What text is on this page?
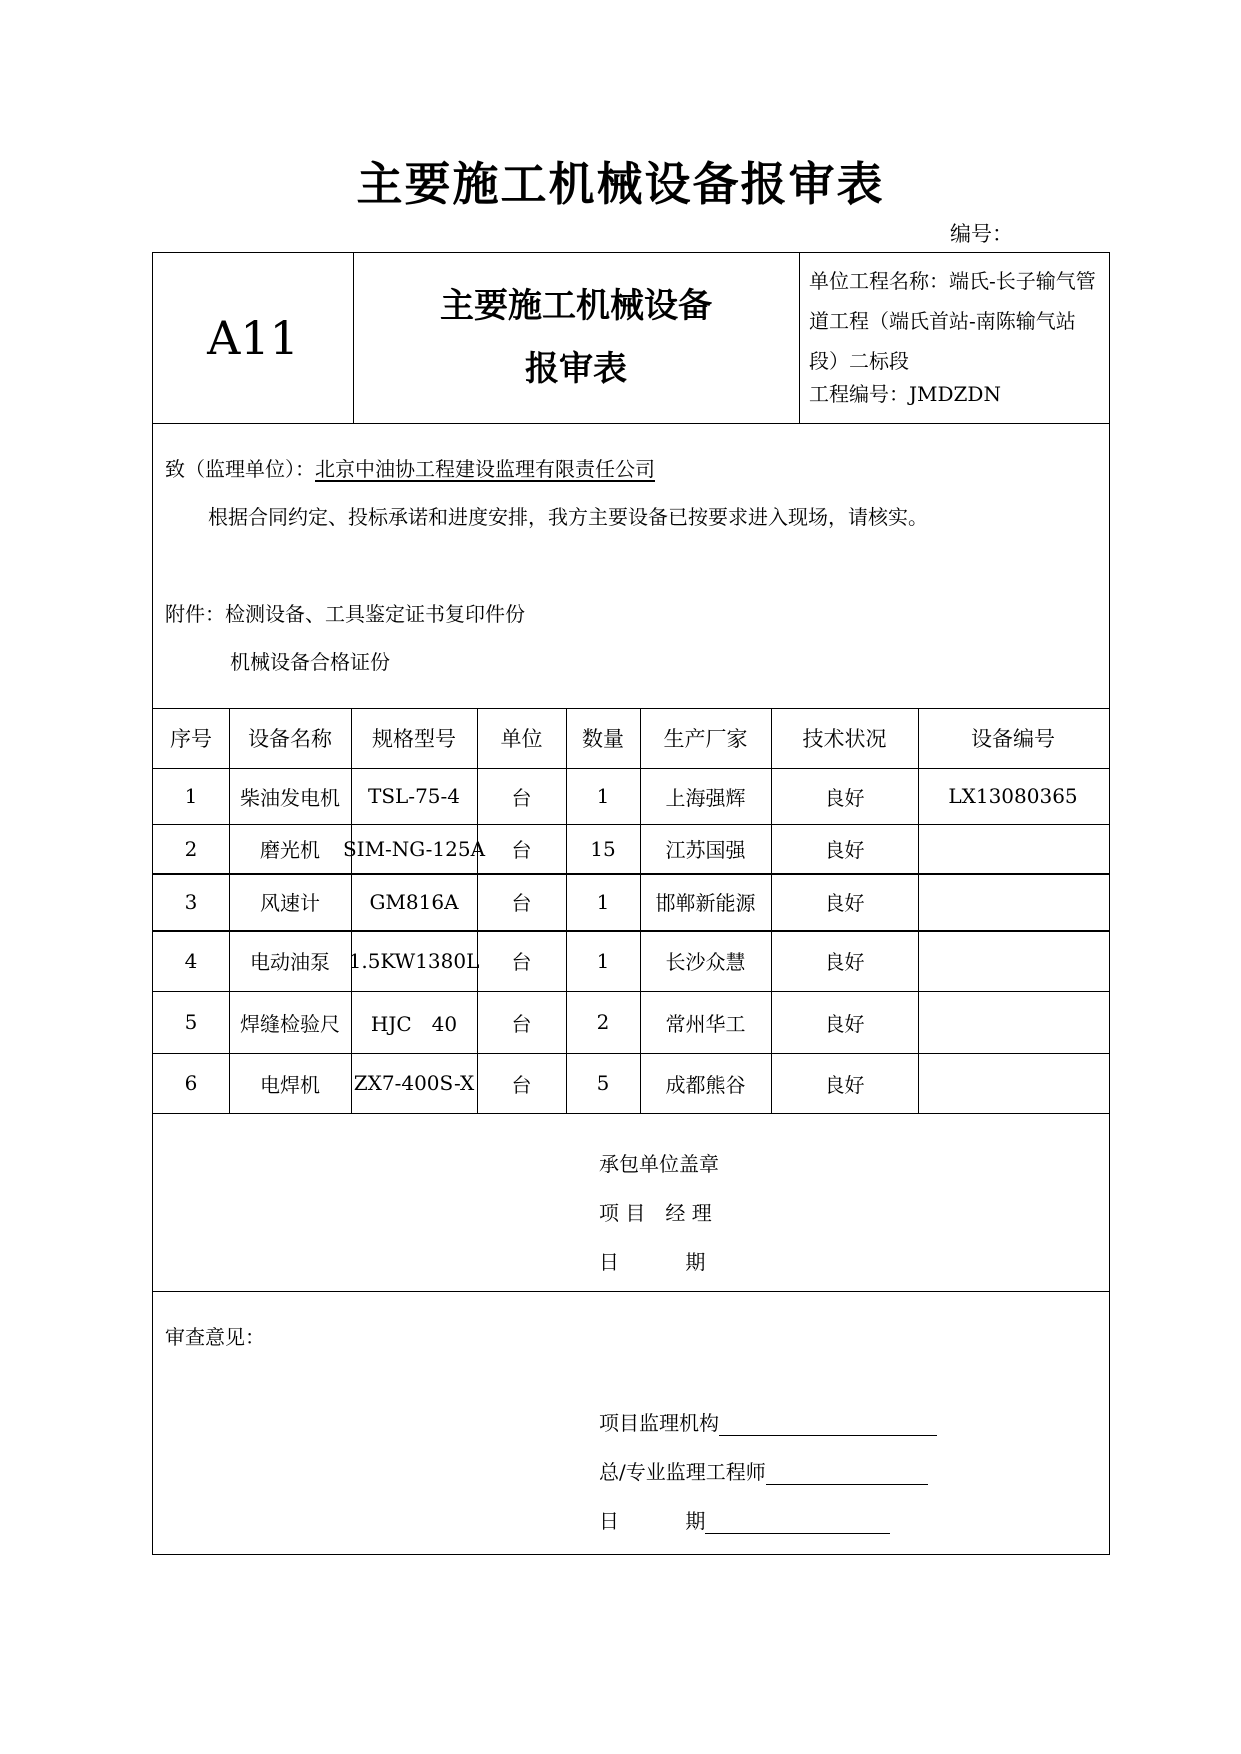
主要施工机械设备报审表
编号：
A11
主要施工机械设备
报审表
单位工程名称：端氏-长子输气管道工程（端氏首站-南陈输气站段）二标段
工程编号：JMDZDN
致（监理单位）：北京中油协工程建设监理有限责任公司
根据合同约定、投标承诺和进度安排，我方主要设备已按要求进入现场，请核实。
附件：检测设备、工具鉴定证书复印件份
机械设备合格证份
序号	设备名称	规格型号	单位	数量	生产厂家	技术状况	设备编号
1	柴油发电机	TSL-75-4	台	1	上海强辉	良好	LX13080365
2	磨光机	SIM-NG-125A	台	15	江苏国强	良好
3	风速计	GM816A	台	1	邯郸新能源	良好
4	电动油泵 1.5KW1380L	台	1	长沙众慧	良好
5	焊缝检验尺	HJC　40	台	2	常州华工	良好
6	电焊机	ZX7-400S-X	台	5	成都熊谷	良好
承包单位盖章
项 目　经 理
日　　　 期
审查意见：
项目监理机构
总/专业监理工程师
日　　　 期
